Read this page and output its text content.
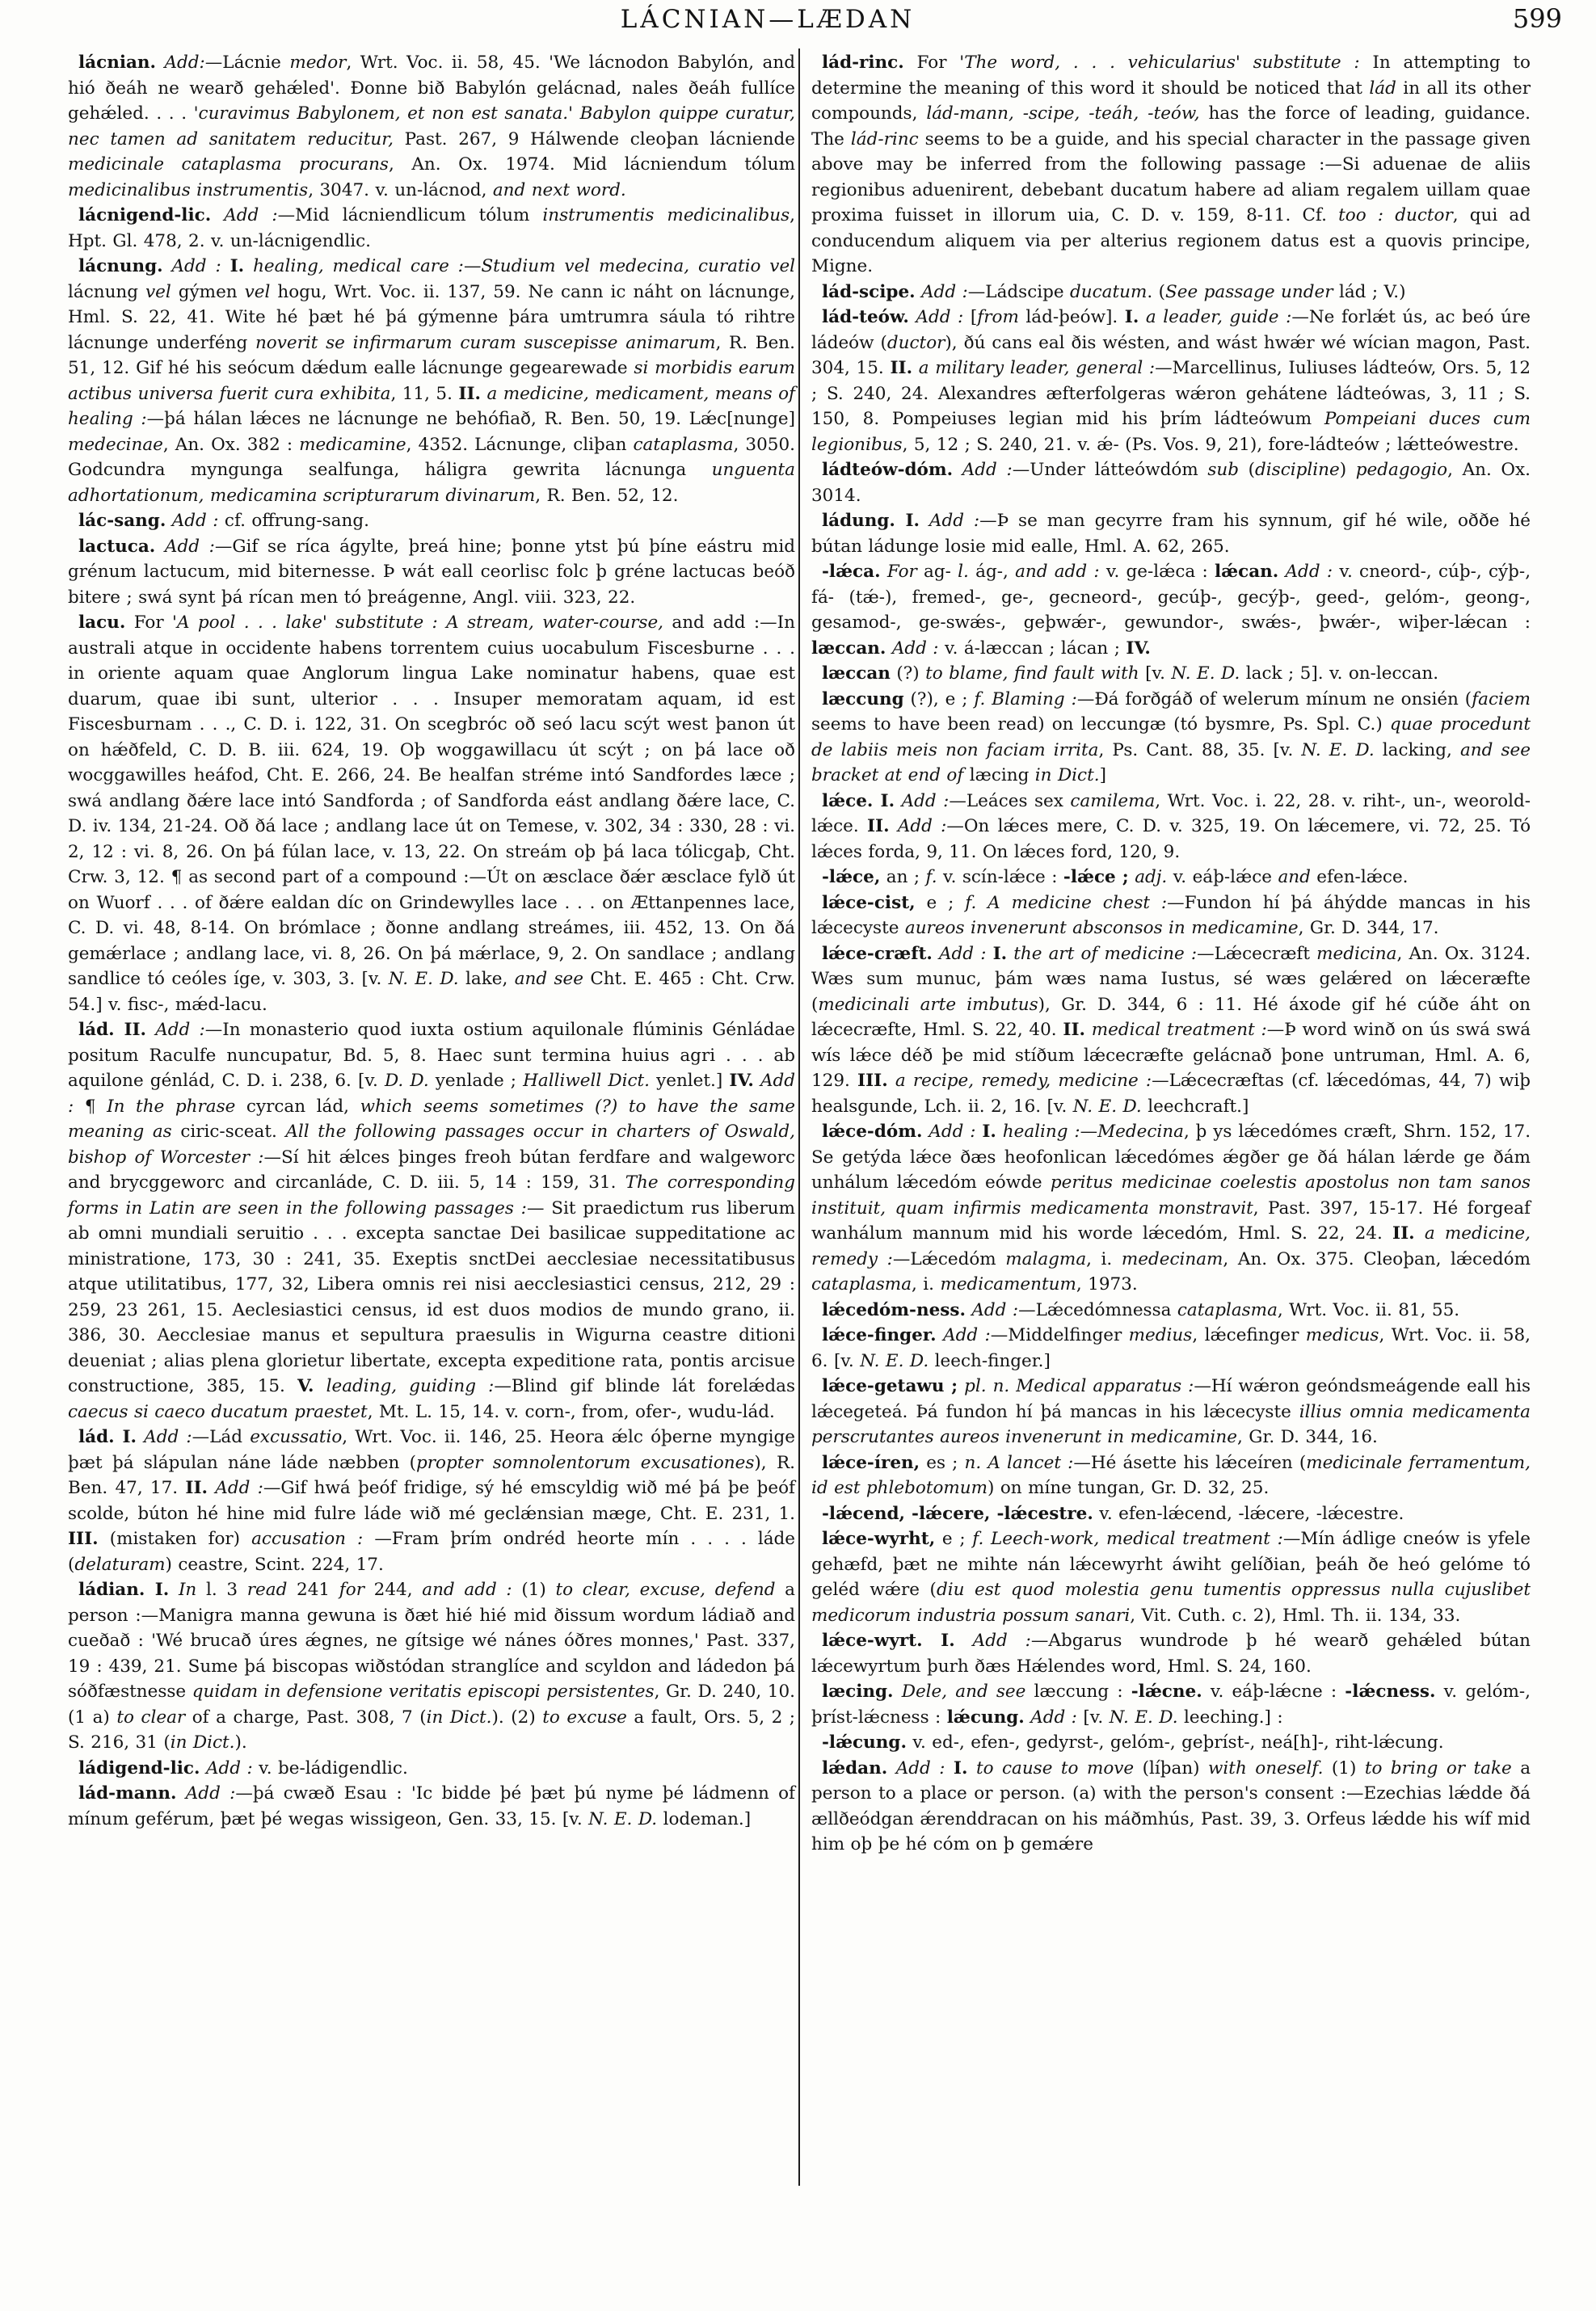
LÁCNIAN—LÆDAN	599

lácnian. Add:—Lácnie medor, Wrt. Voc. ii. 58, 45. 'We lácnodon Babylón, and hió ðeáh ne wearð gehǽled'. Ðonne bið Babylón gelácnad, nales ðeáh fullíce gehǽled. . . . 'curavimus Babylonem, et non est sanata.' Babylon quippe curatur, nec tamen ad sanitatem reducitur, Past. 267, 9 Hálwende cleoþan lácniende medicinale cataplasma procurans, An. Ox. 1974. Mid lácniendum tólum medicinalibus instrumentis, 3047. v. un-lácnod, and next word.

lácnigend-lic. Add :—Mid lácniendlicum tólum instrumentis medicinalibus, Hpt. Gl. 478, 2. v. un-lácnigendlic.

lácnung. Add : I. healing, medical care :—Studium vel medecina, curatio vel lácnung vel gýmen vel hogu, Wrt. Voc. ii. 137, 59. Ne cann ic náht on lácnunge, Hml. S. 22, 41. Wite hé þæt hé þá gýmenne þára umtrumra sáula tó rihtre lácnunge underféng noverit se infirmarum curam suscepisse animarum, R. Ben. 51, 12. Gif hé his seócum dǽdum ealle lácnunge gegearewade si morbidis earum actibus universa fuerit cura exhibita, 11, 5. II. a medicine, medicament, means of healing :—þá hálan lǽces ne lácnunge ne behófiað, R. Ben. 50, 19. Lǽc[nunge] medecinae, An. Ox. 382 : medicamine, 4352. Lácnunge, cliþan cataplasma, 3050. Godcundra myngunga sealfunga, háligra gewrita lácnunga unguenta adhortationum, medicamina scripturarum divinarum, R. Ben. 52, 12.

lác-sang. Add : cf. offrung-sang.

lactuca. Add :—Gif se ríca ágylte, þreá hine; þonne ytst þú þíne eástru mid grénum lactucum, mid biternesse. Þ wát eall ceorlisc folc þ gréne lactucas beóð bitere ; swá synt þá rícan men tó þreágenne, Angl. viii. 323, 22.

lacu. For 'A pool . . . lake' substitute : A stream, water-course, and add :—In australi atque in occidente habens torrentem cuius uocabulum Fiscesburne . . . in oriente aquam quae Anglorum lingua Lake nominatur habens, quae est duarum, quae ibi sunt, ulterior . . . Insuper memoratam aquam, id est Fiscesburnam . . ., C. D. i. 122, 31. On scegbróc oð seó lacu scýt west þanon út on hǽðfeld, C. D. B. iii. 624, 19. Oþ woggawillacu út scýt ; on þá lace oð wocggawilles heáfod, Cht. E. 266, 24. Be healfan stréme intó Sandfordes læce ; swá andlang ðǽre lace intó Sandforda ; of Sandforda eást andlang ðǽre lace, C. D. iv. 134, 21-24. Oð ðá lace ; andlang lace út on Temese, v. 302, 34 : 330, 28 : vi. 2, 12 : vi. 8, 26. On þá fúlan lace, v. 13, 22. On streám oþ þá laca tólicgaþ, Cht. Crw. 3, 12. ¶ as second part of a compound :—Út on æsclace ðǽr æsclace fylð út on Wuorf . . . of ðǽre ealdan díc on Grindewylles lace . . . on Ættanpennes lace, C. D. vi. 48, 8-14. On brómlace ; ðonne andlang streámes, iii. 452, 13. On ðá gemǽrlace ; andlang lace, vi. 8, 26. On þá mǽrlace, 9, 2. On sandlace ; andlang sandlice tó ceóles íge, v. 303, 3. [v. N. E. D. lake, and see Cht. E. 465 : Cht. Crw. 54.] v. fisc-, mǽd-lacu.

lád. II. Add :—In monasterio quod iuxta ostium aquilonale flúminis Génládae positum Raculfe nuncupatur, Bd. 5, 8. Haec sunt termina huius agri . . . ab aquilone génlád, C. D. i. 238, 6. [v. D. D. yenlade ; Halliwell Dict. yenlet.] IV. Add : ¶ In the phrase cyrcan lád, which seems sometimes (?) to have the same meaning as ciric-sceat. All the following passages occur in charters of Oswald, bishop of Worcester :—Sí hit ǽlces þinges freoh bútan ferdfare and walgeworc and brycggeworc and circanláde, C. D. iii. 5, 14 : 159, 31. The corresponding forms in Latin are seen in the following passages :— Sit praedictum rus liberum ab omni mundiali seruitio . . . excepta sanctae Dei basilicae suppeditatione ac ministratione, 173, 30 : 241, 35. Exeptis snctDei aecclesiae necessitatibusus atque utilitatibus, 177, 32, Libera omnis rei nisi aecclesiastici census, 212, 29 : 259, 23 261, 15. Aeclesiastici census, id est duos modios de mundo grano, ii. 386, 30. Aecclesiae manus et sepultura praesulis in Wigurna ceastre ditioni deueniat ; alias plena glorietur libertate, excepta expeditione rata, pontis arcisue constructione, 385, 15. V. leading, guiding :—Blind gif blinde lát forelǽdas caecus si caeco ducatum praestet, Mt. L. 15, 14. v. corn-, from, ofer-, wudu-lád.

lád. I. Add :—Lád excussatio, Wrt. Voc. ii. 146, 25. Heora ǽlc óþerne myngige þæt þá slápulan náne láde næbben (propter somnolentorum excusationes), R. Ben. 47, 17. II. Add :—Gif hwá þeóf fridige, sý hé emscyldig wið mé þá þe þeóf scolde, búton hé hine mid fulre láde wið mé geclǽnsian mæge, Cht. E. 231, 1. III. (mistaken for) accusation : —Fram þrím ondréd heorte mín . . . . láde (delaturam) ceastre, Scint. 224, 17.

ládian. I. In l. 3 read 241 for 244, and add : (1) to clear, excuse, defend a person :—Manigra manna gewuna is ðæt hié hié mid ðissum wordum ládiað and cueðað : 'Wé brucað úres ǽgnes, ne gítsige wé nánes óðres monnes,' Past. 337, 19 : 439, 21. Sume þá biscopas wiðstódan stranglíce and scyldon and ládedon þá sóðfæstnesse quidam in defensione veritatis episcopi persistentes, Gr. D. 240, 10. (1 a) to clear of a charge, Past. 308, 7 (in Dict.). (2) to excuse a fault, Ors. 5, 2 ; S. 216, 31 (in Dict.).

ládigend-lic. Add : v. be-ládigendlic.

lád-mann. Add :—þá cwæð Esau : 'Ic bidde þé þæt þú nyme þé ládmenn of mínum geférum, þæt þé wegas wissigeon, Gen. 33, 15. [v. N. E. D. lodeman.]

lád-rinc. For 'The word, . . . vehicularius' substitute : In attempting to determine the meaning of this word it should be noticed that lád in all its other compounds, lád-mann, -scipe, -teáh, -teów, has the force of leading, guidance. The lád-rinc seems to be a guide, and his special character in the passage given above may be inferred from the following passage :—Si aduenae de aliis regionibus aduenirent, debebant ducatum habere ad aliam regalem uillam quae proxima fuisset in illorum uia, C. D. v. 159, 8-11. Cf. too : ductor, qui ad conducendum aliquem via per alterius regionem datus est a quovis principe, Migne.

lád-scipe. Add :—Ládscipe ducatum. (See passage under lád ; V.)

lád-teów. Add : [from lád-þeów]. I. a leader, guide :—Ne forlǽt ús, ac beó úre ládeów (ductor), ðú cans eal ðis wésten, and wást hwǽr wé wícian magon, Past. 304, 15. II. a military leader, general :—Marcellinus, Iuliuses ládteów, Ors. 5, 12 ; S. 240, 24. Alexandres æfterfolgeras wǽron gehátene ládteówas, 3, 11 ; S. 150, 8. Pompeiuses legian mid his þrím ládteówum Pompeiani duces cum legionibus, 5, 12 ; S. 240, 21. v. ǽ- (Ps. Vos. 9, 21), fore-ládteów ; lǽtteówestre.

ládteów-dóm. Add :—Under látteówdóm sub (discipline) pedagogio, An. Ox. 3014.

ládung. I. Add :—Þ se man gecyrre fram his synnum, gif hé wile, oððe hé bútan ládunge losie mid ealle, Hml. A. 62, 265.

-lǽca. For ag- l. ág-, and add : v. ge-lǽca : lǽcan. Add : v. cneord-, cúþ-, cýþ-, fá- (tǽ-), fremed-, ge-, gecneord-, gecúþ-, gecýþ-, geed-, gelóm-, geong-, gesamod-, ge-swǽs-, geþwǽr-, gewundor-, swǽs-, þwǽr-, wiþer-lǽcan : læccan. Add : v. á-læccan ; lácan ; IV.

læccan (?) to blame, find fault with [v. N. E. D. lack ; 5]. v. on-leccan.

læccung (?), e ; f. Blaming :—Ðá forðgáð of welerum mínum ne onsién (faciem seems to have been read) on leccungæ (tó bysmre, Ps. Spl. C.) quae procedunt de labiis meis non faciam irrita, Ps. Cant. 88, 35. [v. N. E. D. lacking, and see bracket at end of læcing in Dict.]

lǽce. I. Add :—Leáces sex camilema, Wrt. Voc. i. 22, 28. v. riht-, un-, weorold-lǽce. II. Add :—On lǽces mere, C. D. v. 325, 19. On lǽcemere, vi. 72, 25. Tó lǽces forda, 9, 11. On lǽces ford, 120, 9.

-lǽce, an ; f. v. scín-lǽce : -lǽce ; adj. v. eáþ-lǽce and efen-lǽce.

lǽce-cist, e ; f. A medicine chest :—Fundon hí þá áhýdde mancas in his lǽcecyste aureos invenerunt absconsos in medicamine, Gr. D. 344, 17.

lǽce-cræft. Add : I. the art of medicine :—Lǽcecræft medicina, An. Ox. 3124. Wæs sum munuc, þám wæs nama Iustus, sé wæs gelǽred on lǽceræfte (medicinali arte imbutus), Gr. D. 344, 6 : 11. Hé áxode gif hé cúðe áht on lǽcecræfte, Hml. S. 22, 40. II. medical treatment :—Þ word winð on ús swá swá wís lǽce déð þe mid stíðum lǽcecræfte gelácnað þone untruman, Hml. A. 6, 129. III. a recipe, remedy, medicine :—Lǽcecræftas (cf. lǽcedómas, 44, 7) wiþ healsgunde, Lch. ii. 2, 16. [v. N. E. D. leechcraft.]

lǽce-dóm. Add : I. healing :—Medecina, þ ys lǽcedómes cræft, Shrn. 152, 17. Se getýda lǽce ðæs heofonlican lǽcedómes ǽgðer ge ðá hálan lǽrde ge ðám unhálum lǽcedóm eówde peritus medicinae coelestis apostolus non tam sanos instituit, quam infirmis medicamenta monstravit, Past. 397, 15-17. Hé forgeaf wanhálum mannum mid his worde lǽcedóm, Hml. S. 22, 24. II. a medicine, remedy :—Lǽcedóm malagma, i. medecinam, An. Ox. 375. Cleoþan, lǽcedóm cataplasma, i. medicamentum, 1973.

lǽcedóm-ness. Add :—Lǽcedómnessa cataplasma, Wrt. Voc. ii. 81, 55.

lǽce-finger. Add :—Middelfinger medius, lǽcefinger medicus, Wrt. Voc. ii. 58, 6. [v. N. E. D. leech-finger.]

lǽce-getawu ; pl. n. Medical apparatus :—Hí wǽron geóndsmeágende eall his lǽcegeteá. Þá fundon hí þá mancas in his lǽcecyste illius omnia medicamenta perscrutantes aureos invenerunt in medicamine, Gr. D. 344, 16.

lǽce-íren, es ; n. A lancet :—Hé ásette his lǽceíren (medicinale ferramentum, id est phlebotomum) on míne tungan, Gr. D. 32, 25.

-lǽcend, -lǽcere, -lǽcestre. v. efen-lǽcend, -lǽcere, -lǽcestre.

lǽce-wyrht, e ; f. Leech-work, medical treatment :—Mín ádlige cneów is yfele gehæfd, þæt ne mihte nán lǽcewyrht áwiht gelíðian, þeáh ðe heó gelóme tó geléd wǽre (diu est quod molestia genu tumentis oppressus nulla cujuslibet medicorum industria possum sanari, Vit. Cuth. c. 2), Hml. Th. ii. 134, 33.

lǽce-wyrt. I. Add :—Abgarus wundrode þ hé wearð gehǽled bútan lǽcewyrtum þurh ðæs Hǽlendes word, Hml. S. 24, 160.

læcing. Dele, and see læccung : -lǽcne. v. eáþ-lǽcne : -lǽcness. v. gelóm-, þríst-lǽcness : lǽcung. Add : [v. N. E. D. leeching.] :

-lǽcung. v. ed-, efen-, gedyrst-, gelóm-, geþríst-, neá[h]-, riht-lǽcung.

lǽdan. Add : I. to cause to move (líþan) with oneself. (1) to bring or take a person to a place or person. (a) with the person's consent :—Ezechias lǽdde ðá ællðeódgan ǽrenddracan on his máðmhús, Past. 39, 3. Orfeus lǽdde his wíf mid him oþ þe hé cóm on þ gemǽre
